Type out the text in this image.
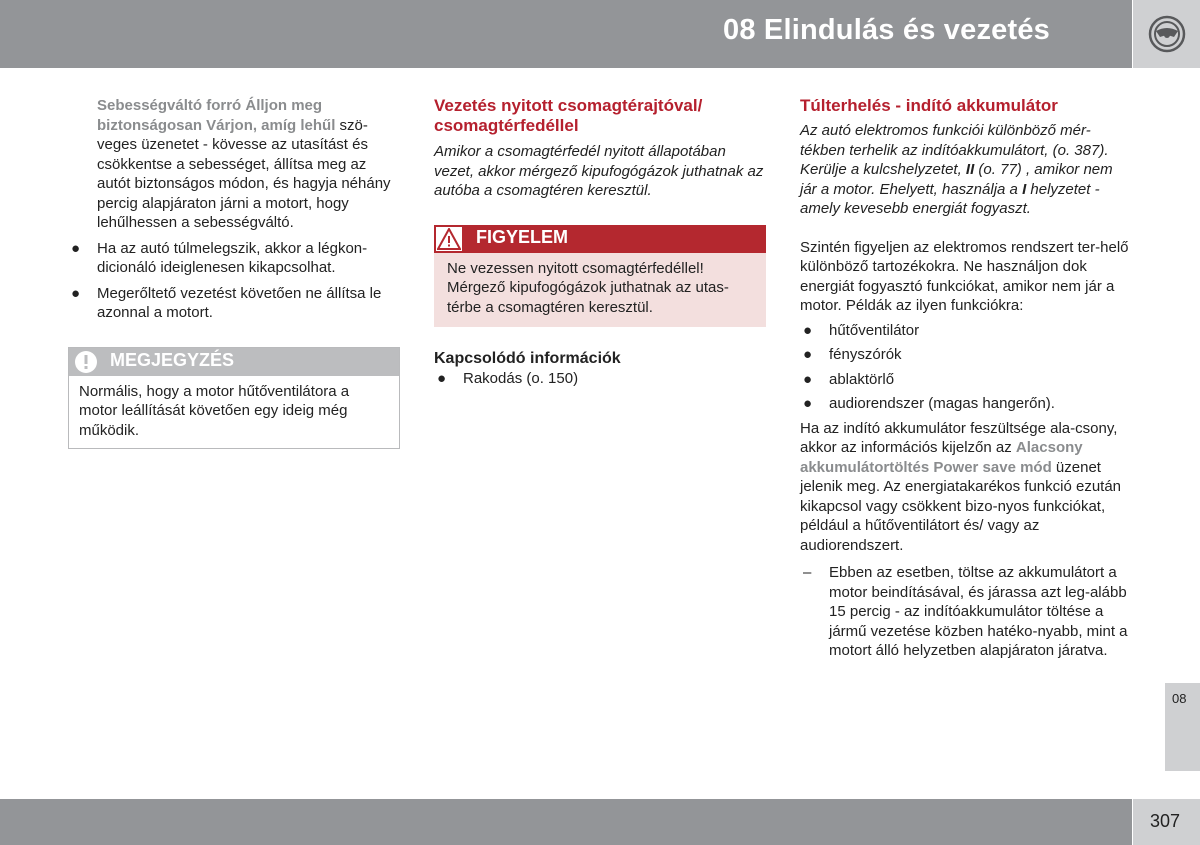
08 Elindulás és vezetés

Sebességváltó forró Álljon meg biztonságosan Várjon, amíg lehűl szö-veges üzenetet - kövesse az utasítást és csökkentse a sebességet, állítsa meg az autót biztonságos módon, és hagyja néhány percig alapjáraton járni a motort, hogy lehűlhessen a sebességváltó.

● Ha az autó túlmelegszik, akkor a légkon-dicionáló ideiglenesen kikapcsolhat.
● Megerőltető vezetést követően ne állítsa le azonnal a motort.
MEGJEGYZÉS
Normális, hogy a motor hűtőventilátora a motor leállítását követően egy ideig még működik.
Vezetés nyitott csomagtérajtóval/ csomagtérfedéllel

Amikor a csomagtérfedél nyitott állapotában vezet, akkor mérgező kipufogógázok juthatnak az autóba a csomagtéren keresztül.

FIGYELEM
Ne vezessen nyitott csomagtérfedéllel! Mérgező kipufogógázok juthatnak az utas-térbe a csomagtéren keresztül.
Kapcsolódó információk
● Rakodás (o. 150)
Túlterhelés - indító akkumulátor

Az autó elektromos funkciói különböző mér-tékben terhelik az indítóakkumulátort, (o. 387). Kerülje a kulcshelyzetet, II (o. 77) , amikor nem jár a motor. Ehelyett, használja a I helyzetet - amely kevesebb energiát fogyaszt.

Szintén figyeljen az elektromos rendszert ter-helő különböző tartozékokra. Ne használjon dok energiát fogyasztó funkciókat, amikor nem jár a motor. Példák az ilyen funkciókra:

● hűtőventilátor
● fényszórók
● ablaktörlő
● audiorendszer (magas hangerőn).

Ha az indító akkumulátor feszültsége ala-csony, akkor az információs kijelzőn az Alacsony akkumulátortöltés Power save mód üzenet jelenik meg. Az energiatakarékos funkció ezután kikapcsol vagy csökkent bizo-nyos funkciókat, például a hűtőventilátort és/ vagy az audiorendszert.

– Ebben az esetben, töltse az akkumulátort a motor beindításával, és járassa azt leg-alább 15 percig - az indítóakkumulátor töltése a jármű vezetése közben hatéko-nyabb, mint a motort álló helyzetben alapjáraton járatva.
08
307
